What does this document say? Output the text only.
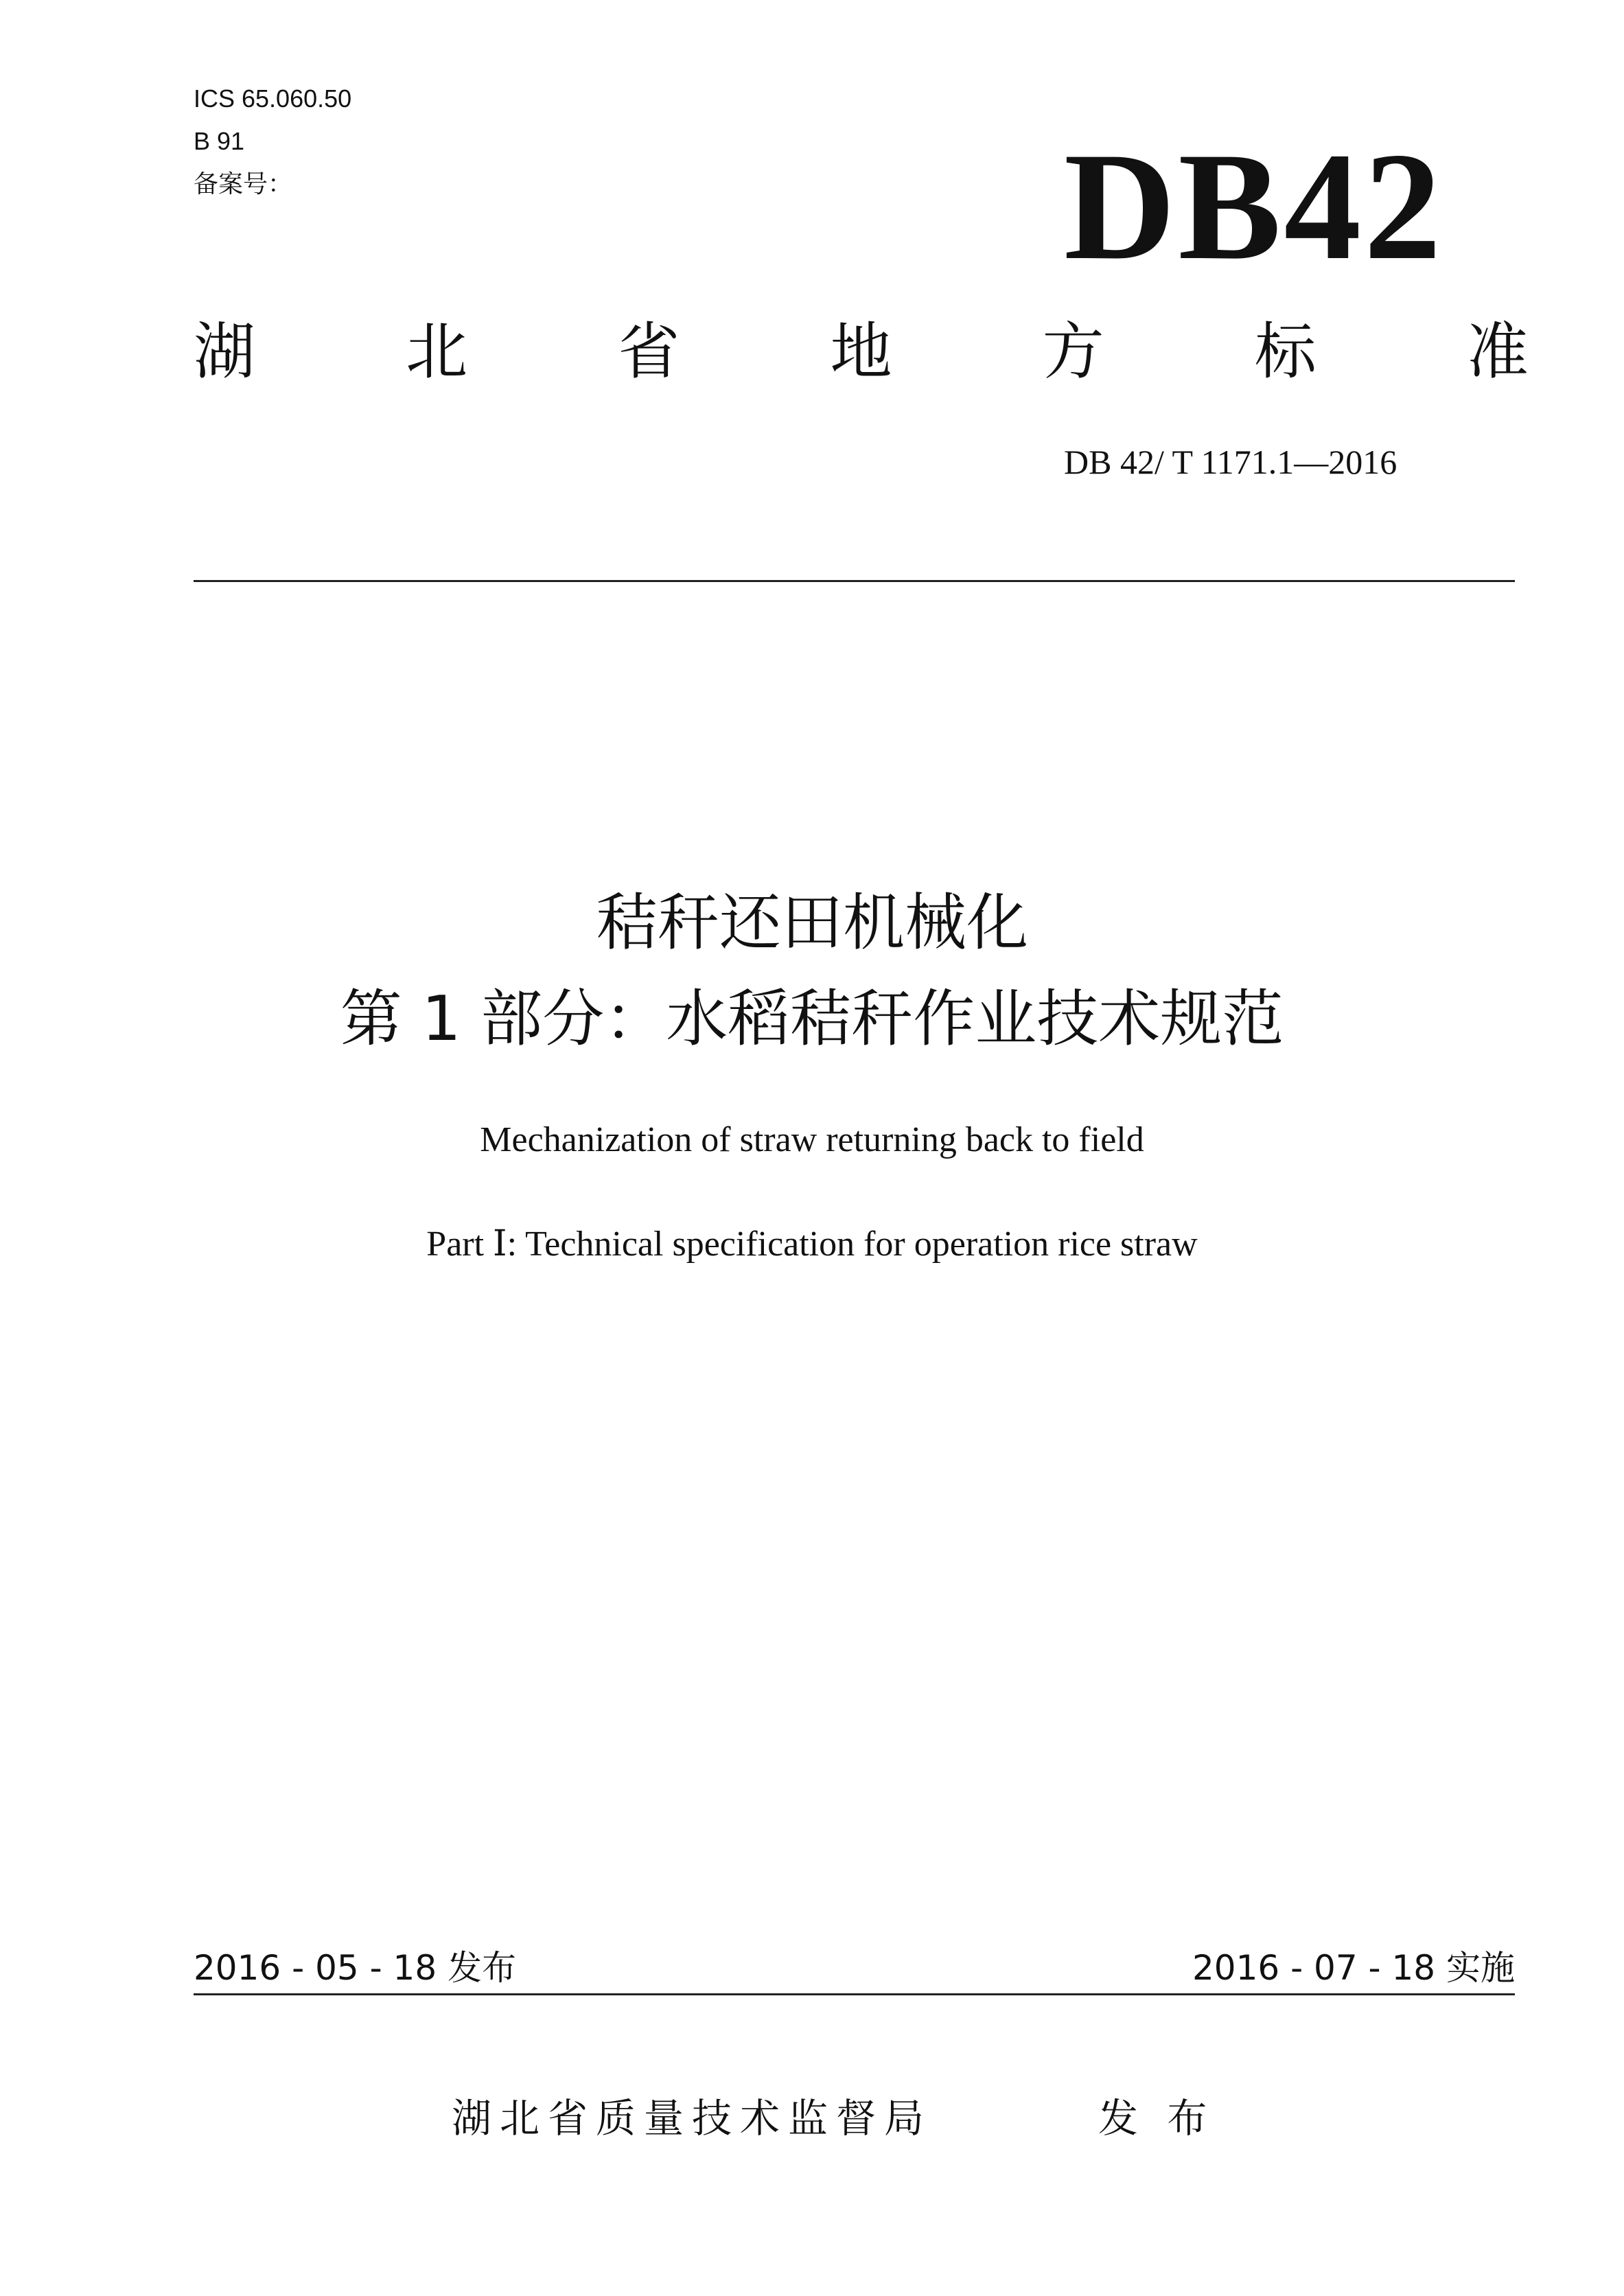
ICS 65.060.50
B 91
备案号：	DB42
湖 北 省 地 方 标 准
DB 42/ T 1171.1—2016
秸秆还田机械化
第 1 部分：水稻秸秆作业技术规范
Mechanization of straw returning back to field
Part Ⅰ: Technical specification for operation rice straw
2016 - 05 - 18 发布	2016 - 07 - 18 实施
湖北省质量技术监督局	发 布
